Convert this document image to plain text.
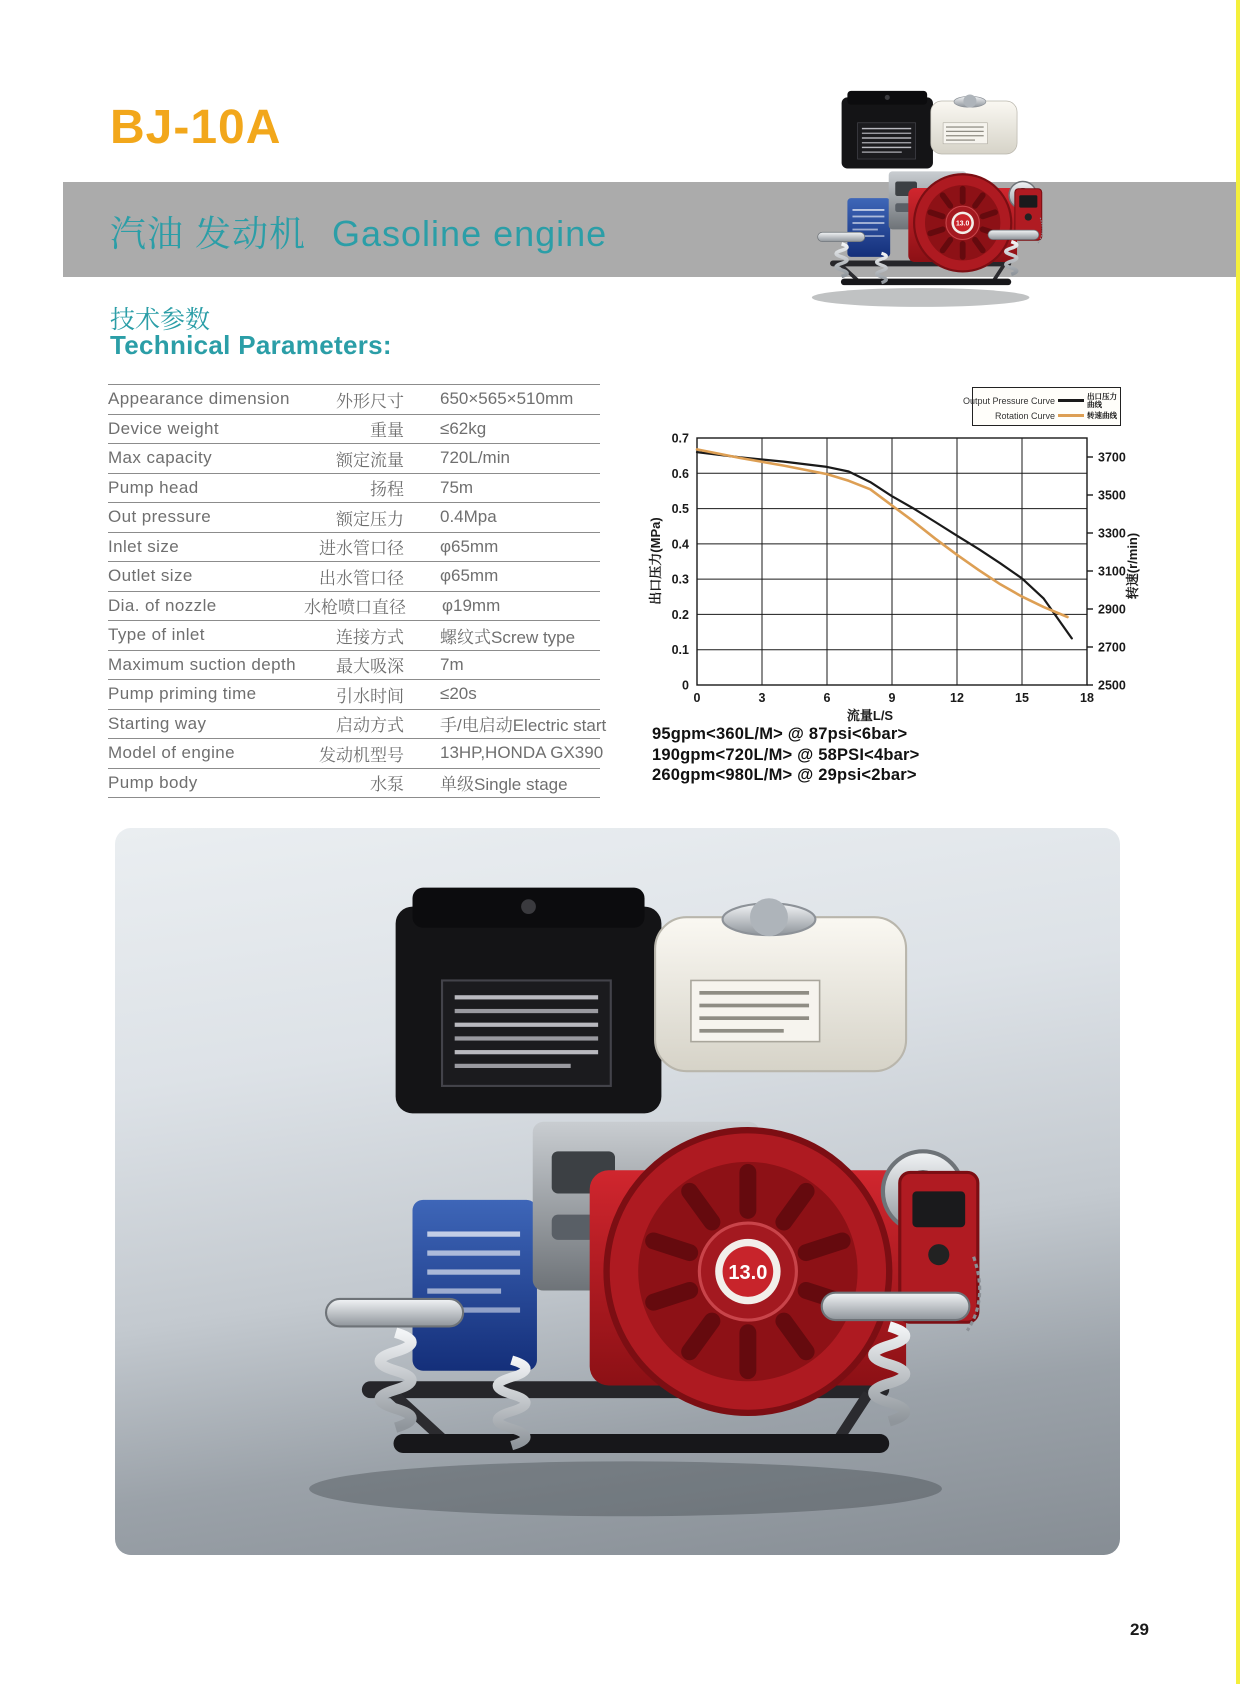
BJ-10A
汽油 发动机 Gasoline engine
技术参数
Technical Parameters:
Appearance dimension	外形尺寸	650×565×510mm
Device weight	重量	≤62kg
Max capacity	额定流量	720L/min
Pump head	扬程	75m
Out pressure	额定压力	0.4Mpa
Inlet size	进水管口径	φ65mm
Outlet size	出水管口径	φ65mm
Dia. of nozzle	水枪喷口直径	φ19mm
Type of inlet	连接方式	螺纹式Screw type
Maximum suction depth	最大吸深	7m
Pump priming time	引水时间	≤20s
Starting way	启动方式	手/电启动Electric start
Model of engine	发动机型号	13HP,HONDA GX390
Pump body	水泵	单级Single stage
出口压力(MPa)	转速(r/min)
流量L/S
0
0.1
0.2
0.3
0.4
0.5
0.6
0.7
2500
2700
2900
3100
3300
3500
3700
0	3	6	9	12	15	18
Output Pressure Curve	出口压力曲线
Rotation Curve	转速曲线
95gpm<360L/M> @ 87psi<6bar>
190gpm<720L/M> @ 58PSI<4bar>
260gpm<980L/M> @ 29psi<2bar>
29
